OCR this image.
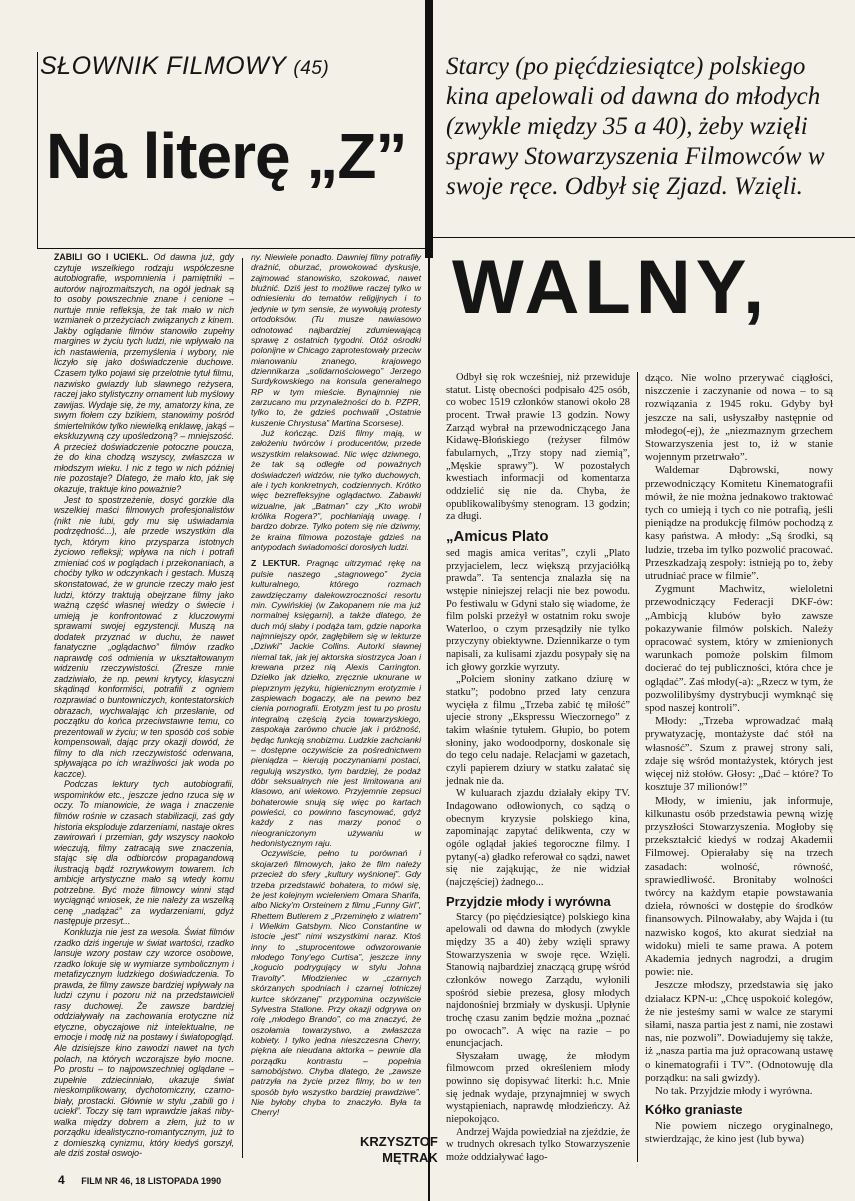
SŁOWNIK FILMOWY (45)

Na literę „Z”

Starcy (po pięćdziesiątce) polskiego kina apelowali od dawna do młodych (zwykle między 35 a 40), żeby wzięli sprawy Stowarzyszenia Filmowców w swoje ręce. Odbył się Zjazd. Wzięli.

WALNY,

ZABILI GO I UCIEKL. Od dawna już, gdy czytuje wszelkiego rodzaju współczesne autobiografie, wspomnienia i pamiętniki – autorów najrozmaitszych, na ogół jednak są to osoby powszechnie znane i cenione – nurtuje mnie refleksja, że tak mało w nich wzmianek o przeżyciach związanych z kinem. Jakby oglądanie filmów stanowiło zupełny margines w życiu tych ludzi, nie wpływało na ich nastawienia, przemyślenia i wybory, nie liczyło się jako doświadczenie duchowe. Czasem tylko pojawi się przelotnie tytuł filmu, nazwisko gwiazdy lub sławnego reżysera, raczej jako stylistyczny ornament lub myślowy zawijas. Wydaje się, że my, amatorzy kina, ze swym fiołem czy bzikiem, stanowimy pośród śmiertelników tylko niewielką enklawę, jakąś – ekskluzywną czy upośledzoną? – mniejszość. A przecież doświadczenie potoczne poucza, że do kina chodzą wszyscy, zwłaszcza w młodszym wieku. I nic z tego w nich później nie pozostaje? Dlatego, że mało kto, jak się okazuje, traktuje kino poważnie?

Jest to spostrzeżenie, dosyć gorzkie dla wszelkiej maści filmowych profesjonalistów (nikt nie lubi, gdy mu się uświadamia podrzędność...), ale przede wszystkim dla tych, którym kino przysparza istotnych życiowo refleksji; wpływa na nich i potrafi zmieniać coś w poglądach i przekonaniach, a choćby tylko w odczynkach i gestach. Muszą skonstatować, że w gruncie rzeczy mało jest ludzi, którzy traktują obejrzane filmy jako ważną część własnej wiedzy o świecie i umieją je konfrontować z kluczowymi sprawami swojej egzystencji. Muszą na dodatek przyznać w duchu, że nawet fanatyczne „oglądactwo” filmów rzadko naprawdę coś odmienia w ukształtowanym widzeniu rzeczywistości. (Zresze mnie zadziwiało, że np. pewni krytycy, klasyczni skądinąd konformiści, potrafili z ogniem rozprawiać o buntowniczych, kontestatorskich obrazach, wychwalając ich przesłanie, od początku do końca przeciwstawne temu, co prezentowali w życiu; w ten sposób coś sobie kompensowali, dając przy okazji dowód, że filmy to dla nich rzeczywistość oderwana, spływająca po ich wrażliwości jak woda po kaczce).

Podczas lektury tych autobiografii, wspominków etc., jeszcze jedno rzuca się w oczy. To mianowicie, że waga i znaczenie filmów rośnie w czasach stabilizacji, zaś gdy historia eksploduje zdarzeniami, nastaje okres zawirowań i przemian, gdy wszyscy naokoło wieczują, filmy zatracają swe znaczenia, stając się dla odbiorców propagandową ilustracją bądź rozrywkowym towarem. Ich ambicje artystyczne mało są wtedy komu potrzebne. Być może filmowcy winni stąd wyciągnąć wniosek, że nie należy za wszelką cenę „nadążać” za wydarzeniami, gdyż następuje przesyt...

Konkluzja nie jest za wesoła. Świat filmów rzadko dziś ingeruje w świat wartości, rzadko lansuje wzory postaw czy wzorce osobowe, rzadko lokuje się w wymiarze symbolicznym i metafizycznym ludzkiego doświadczenia. To prawda, że filmy zawsze bardziej wpływały na ludzi czynu i pozoru niż na przedstawicieli rasy duchowej. Że zawsze bardziej oddziaływały na zachowania erotyczne niż etyczne, obyczajowe niż intelektualne, ne emocje i modę niż na postawy i światopogląd. Ale dzisiejsze kino zawodzi nawet na tych polach, na których wczorajsze było mocne. Po prostu – to najpowszechniej oglądane – zupełnie zdziecinniało, ukazuje świat nieskomplikowany, dychotomiczny, czarno-biały, prostacki. Głównie w stylu „zabili go i uciekł”. Toczy się tam wprawdzie jakaś niby-walka między dobrem a złem, już to w porządku idealistyczno-romantycznym, już to z domieszką cynizmu, który kiedyś gorszył, ale dziś został oswojo-

ny. Niewiele ponadto. Dawniej filmy potrafiły drażnić, oburzać, prowokować dyskusje, zajmować stanowisko, szokować, nawet bluźnić. Dziś jest to możliwe raczej tylko w odniesieniu do tematów religijnych i to jedynie w tym sensie, że wywołują protesty ortodoksów. (Tu musze nawiasowo odnotować najbardziej zdumiewającą sprawę z ostatnich tygodni. Otóż ośrodki polonijne w Chicago zaprotestowały przeciw mianowaniu znanego, krajowego dziennikarza „solidarnościowego” Jerzego Surdykowskiego na konsula generalnego RP w tym mieście. Bynajmniej nie zarzucano mu przynależności do b. PZPR, tylko to, że gdzieś pochwalił „Ostatnie kuszenie Chrystusa” Martina Scorsese).

Już kończąc. Dziś filmy mają, w założeniu twórców i producentów, przede wszystkim relaksować. Nic więc dziwnego, że tak są odległe od poważnych doświadczeń widzów, nie tylko duchowych, ale i tych konkretnych, codziennych. Krótko więc bezrefleksyjne oglądactwo. Zabawki wizualne, jak „Batman” czy „Kto wrobił królika Rogera?”, pochłaniają uwagę. I bardzo dobrze. Tylko potem się nie dziwmy, że kraina filmowa pozostaje gdzieś na antypodach świadomości dorosłych ludzi.

Z LEKTUR. Pragnąc uitrzymać rękę na pulsie naszego „stagnowego” życia kulturalnego, którego rozmach zawdzięczamy dalekowzroczności resortu min. Cywińskiej (w Zakopanem nie ma już normalnej księgarni), a także dlatego, że duch mój słaby i podąża tam, gdzie naporka najmniejszy opór, zagłębiłem się w lekturze „Dziwki” Jackie Collins. Autorki sławnej niemal tak, jak jej aktorska siostrzyca Joan i krewana przez nią Alexis Carrington. Dziełko jak dziełko, zręcznie uknurane w pieprznym języku, higienicznym erotyzmie i zaspiewach bogaczy, ale na pewno bez cienia pornografii. Erotyzm jest tu po prostu integralną częścią życia towarzyskiego, zaspokaja zarówno chucie jak i próżność, będąc funkcją snobizmu. Ludzkie zachcianki – dostępne oczywiście za pośrednictwem pieniądza – kierują poczynaniami postaci, regulują wszystko, tym bardziej, że podaż dóbr seksualnych nie jest limitowana ani klasowo, ani wiekowo. Przyjemnie zepsuci bohaterowie snują się więc po kartach powieści, co powinno fascynować, gdyż każdy z nas marzy ponoć o nieograniczonym używaniu w hedonistycznym raju.

Oczywiście, pełno tu porównań i skojarzeń filmowych, jako że film należy przecież do sfery „kultury wyśnionej”. Gdy trzeba przedstawić bohatera, to mówi się, że jest kolejnym wcieleniem Omara Sharifa, albo Nicky'm Orsteinem z filmu „Funny Girl”, Rhettem Butlerem z „Przeminęło z wiatrem” i Wielkim Gatsbym. Nico Constantine w istocie „jest” nimi wszystkimi naraz. Ktoś inny to „stuprocentowe odwzorowanie młodego Tony'ego Curtisa”, jeszcze inny „kogucio podrygujący w stylu Johna Travolty”. Młodzieniec w „czarnych skórzanych spodniach i czarnej lotniczej kurtce skórzanej” przypomina oczywiście Sylvestra Stallone. Przy okazji odgrywa on rolę „młodego Brando”, co ma znaczyć, że oszołamia towarzystwo, a zwłaszcza kobiety. I tylko jedna nieszczesna Cherry, piękna ale nieudana aktorka – pewnie dla porządku kontrastu – popełnia samobójstwo. Chyba dlatego, że „zawsze patrzyła na życie przez filmy, bo w ten sposób było wszystko bardziej prawdziwe”. Nie byłoby chyba to znaczyło. Była ta Cherry!

KRZYSZTOF
MĘTRAK

Odbył się rok wcześniej, niż przewiduje statut. Listę obecności podpisało 425 osób, co wobec 1519 członków stanowi około 28 procent. Trwał prawie 13 godzin. Nowy Zarząd wybrał na przewodniczącego Jana Kidawę-Błońskiego (reżyser filmów fabularnych, „Trzy stopy nad ziemią”, „Męskie sprawy”). W pozostałych kwestiach informacji od komentarza oddzielić się nie da. Chyba, że opublikowalibyśmy stenogram. 13 godzin; za długi.

„Amicus Plato

sed magis amica veritas”, czyli „Plato przyjacielem, lecz większą przyjaciółką prawda”. Ta sentencja znalazła się na wstępie niniejszej relacji nie bez powodu. Po festiwalu w Gdyni stało się wiadome, że film polski przeżył w ostatnim roku swoje Waterloo, o czym przesądziły nie tylko przyczyny obiektywne. Dziennikarze o tym napisali, za kulisami zjazdu posypały się na ich głowy gorzkie wyrzuty.

„Połciem słoniny zatkano dziurę w statku”; podobno przed laty cenzura wycięła z filmu „Trzeba zabić tę miłość” ujecie strony „Ekspressu Wieczornego” z takim właśnie tytułem. Głupio, bo potem słoniny, jako wodoodporny, doskonale się do tego celu nadaje. Relacjami w gazetach, czyli papierem dziury w statku załatać się jednak nie da.

W kuluarach zjazdu działały ekipy TV. Indagowano odłowionych, co sądzą o obecnym kryzysie polskiego kina, zapominając zapytać delikwenta, czy w ogóle oglądał jakieś tegoroczne filmy. I pytany(-a) gładko referował co sądzi, nawet się nie zająkując, że nie widział (najczęściej) żadnego...

Przyjdzie młody i wyrówna

Starcy (po pięćdziesiątce) polskiego kina apelowali od dawna do młodych (zwykle między 35 a 40) żeby wzięli sprawy Stowarzyszenia w swoje ręce. Wzięli. Stanowią najbardziej znaczącą grupę wśród członków nowego Zarządu, wyłonili spośród siebie prezesa, głosy młodych najdonośniej brzmiały w dyskusji. Upłynie trochę czasu zanim będzie można „poznać po owocach”. A więc na razie – po enuncjacjach.

Słyszałam uwagę, że młodym filmowcom przed określeniem młody powinno się dopisywać literki: h.c. Mnie się jednak wydaje, przynajmniej w swych wystąpieniach, naprawdę młodzieńczy. Aż niepokojąco.

Andrzej Wajda powiedział na zjeździe, że w trudnych okresach tylko Stowarzyszenie może oddziaływać łago-

dząco. Nie wolno przerywać ciągłości, niszczenie i zaczynanie od nowa – to są rozwiązania z 1945 roku. Gdyby był jeszcze na sali, usłyszałby następnie od młodego(-ej), że „niezmaznym grzechem Stowarzyszenia jest to, iż w stanie wojennym przetrwało”.

Waldemar Dąbrowski, nowy przewodniczący Komitetu Kinematografii mówił, że nie można jednakowo traktować tych co umieją i tych co nie potrafią, jeśli pieniądze na produkcję filmów pochodzą z kasy państwa. A młody: „Są środki, są ludzie, trzeba im tylko pozwolić pracować. Przeszkadzają zespoły: istnieją po to, żeby utrudniać prace w filmie”.

Zygmunt Machwitz, wieloletni przewodniczący Federacji DKF-ów: „Ambicją klubów było zawsze pokazywanie filmów polskich. Należy opracować system, który w zmienionych warunkach pomoże polskim filmom docierać do tej publiczności, która chce je oglądać”. Zaś młody(-a): „Rzecz w tym, że pozwolilibyśmy dystrybucji wymknąć się spod naszej kontroli”.

Młody: „Trzeba wprowadzać małą prywatyzację, montażyste dać stół na własność”. Szum z prawej strony sali, zdaje się wśród montażystek, których jest więcej niż stołów. Głosy: „Dać – które? To kosztuje 37 milionów!”

Młody, w imieniu, jak informuje, kilkunastu osób przedstawia pewną wizję przyszłości Stowarzyszenia. Mogłoby się przekształcić kiedyś w rodzaj Akademii Filmowej. Opierałaby się na trzech zasadach: wolność, równość, sprawiedliwość. Bronitaby wolności twórcy na każdym etapie powstawania dzieła, równości w dostępie do środków finansowych. Pilnowałaby, aby Wajda i (tu nazwisko kogoś, kto akurat siedział na widoku) mieli te same prawa. A potem Akademia jednych nagrodzi, a drugim powie: nie.

Jeszcze młodszy, przedstawia się jako działacz KPN-u: „Chcę uspokoić kolegów, że nie jesteśmy sami w walce ze starymi siłami, nasza partia jest z nami, nie zostawi nas, nie pozwoli”. Dowiadujemy się także, iż „nasza partia ma już opracowaną ustawę o kinematografii i TV”. (Odnotowuję dla porządku: na sali gwizdy).

No tak. Przyjdzie młody i wyrówna.

Kółko graniaste

Nie powiem niczego oryginalnego, stwierdzając, że kino jest (lub bywa)

4 FILM NR 46, 18 LISTOPADA 1990
